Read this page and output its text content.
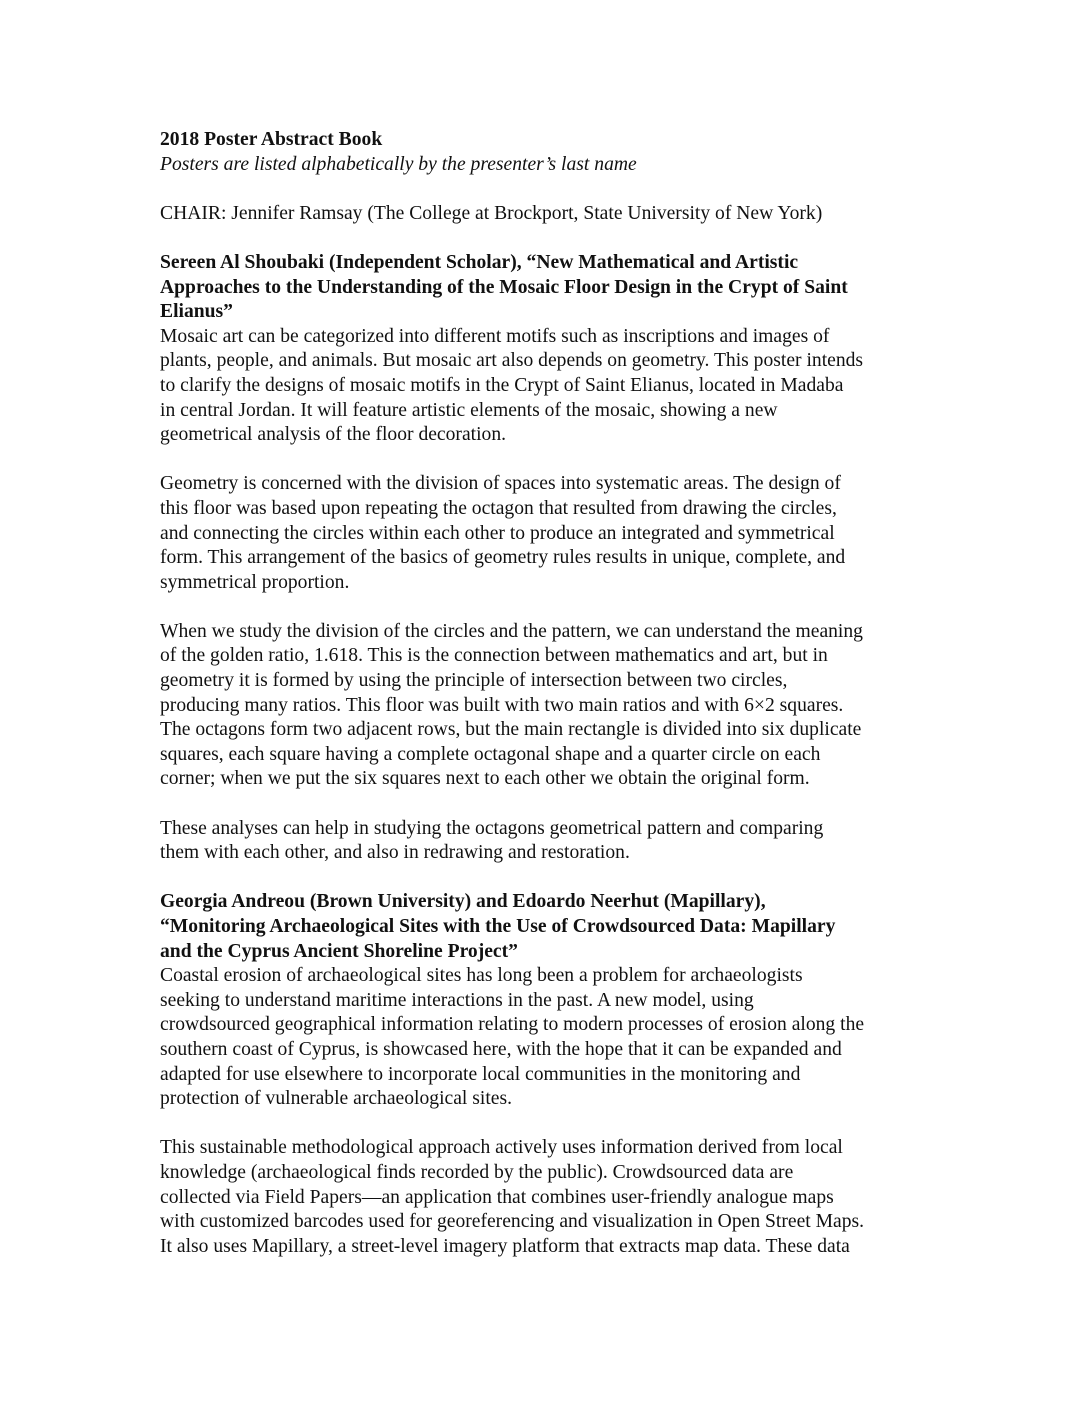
2018 Poster Abstract Book
Posters are listed alphabetically by the presenter’s last name
CHAIR: Jennifer Ramsay (The College at Brockport, State University of New York)
Sereen Al Shoubaki (Independent Scholar), “New Mathematical and Artistic
Approaches to the Understanding of the Mosaic Floor Design in the Crypt of Saint
Elianus”
Mosaic art can be categorized into different motifs such as inscriptions and images of
plants, people, and animals. But mosaic art also depends on geometry. This poster intends
to clarify the designs of mosaic motifs in the Crypt of Saint Elianus, located in Madaba
in central Jordan. It will feature artistic elements of the mosaic, showing a new
geometrical analysis of the floor decoration.
Geometry is concerned with the division of spaces into systematic areas. The design of
this floor was based upon repeating the octagon that resulted from drawing the circles,
and connecting the circles within each other to produce an integrated and symmetrical
form. This arrangement of the basics of geometry rules results in unique, complete, and
symmetrical proportion.
When we study the division of the circles and the pattern, we can understand the meaning
of the golden ratio, 1.618. This is the connection between mathematics and art, but in
geometry it is formed by using the principle of intersection between two circles,
producing many ratios. This floor was built with two main ratios and with 6×2 squares.
The octagons form two adjacent rows, but the main rectangle is divided into six duplicate
squares, each square having a complete octagonal shape and a quarter circle on each
corner; when we put the six squares next to each other we obtain the original form.
These analyses can help in studying the octagons geometrical pattern and comparing
them with each other, and also in redrawing and restoration.
Georgia Andreou (Brown University) and Edoardo Neerhut (Mapillary),
“Monitoring Archaeological Sites with the Use of Crowdsourced Data: Mapillary
and the Cyprus Ancient Shoreline Project”
Coastal erosion of archaeological sites has long been a problem for archaeologists
seeking to understand maritime interactions in the past. A new model, using
crowdsourced geographical information relating to modern processes of erosion along the
southern coast of Cyprus, is showcased here, with the hope that it can be expanded and
adapted for use elsewhere to incorporate local communities in the monitoring and
protection of vulnerable archaeological sites.
This sustainable methodological approach actively uses information derived from local
knowledge (archaeological finds recorded by the public). Crowdsourced data are
collected via Field Papers—an application that combines user-friendly analogue maps
with customized barcodes used for georeferencing and visualization in Open Street Maps.
It also uses Mapillary, a street-level imagery platform that extracts map data. These data
